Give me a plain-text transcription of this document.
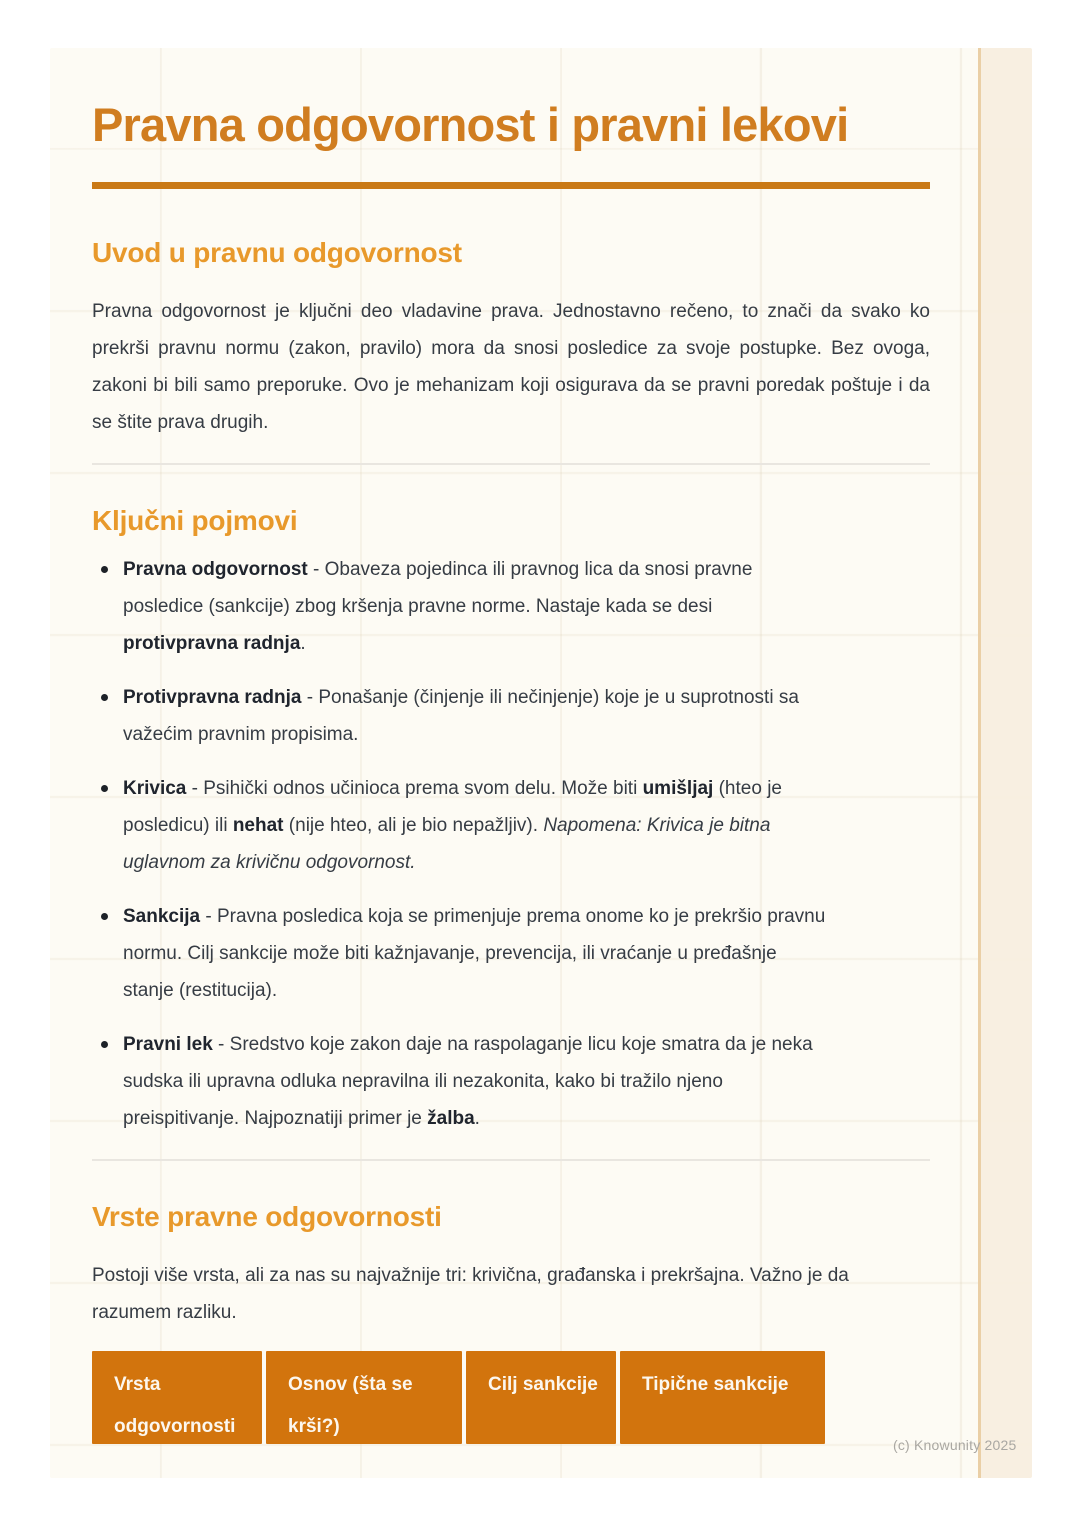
Pravna odgovornost i pravni lekovi
Uvod u pravnu odgovornost

Pravna odgovornost je ključni deo vladavine prava. Jednostavno rečeno, to znači da svako ko prekrši pravnu normu (zakon, pravilo) mora da snosi posledice za svoje postupke. Bez ovoga, zakoni bi bili samo preporuke. Ovo je mehanizam koji osigurava da se pravni poredak poštuje i da se štite prava drugih.

Ključni pojmovi
Pravna odgovornost - Obaveza pojedinca ili pravnog lica da snosi pravne posledice (sankcije) zbog kršenja pravne norme. Nastaje kada se desi protivpravna radnja.
Protivpravna radnja - Ponašanje (činjenje ili nečinjenje) koje je u suprotnosti sa važećim pravnim propisima.
Krivica - Psihički odnos učinioca prema svom delu. Može biti umišljaj (hteo je posledicu) ili nehat (nije hteo, ali je bio nepažljiv). Napomena: Krivica je bitna uglavnom za krivičnu odgovornost.
Sankcija - Pravna posledica koja se primenjuje prema onome ko je prekršio pravnu normu. Cilj sankcije može biti kažnjavanje, prevencija, ili vraćanje u pređašnje stanje (restitucija).
Pravni lek - Sredstvo koje zakon daje na raspolaganje licu koje smatra da je neka sudska ili upravna odluka nepravilna ili nezakonita, kako bi tražilo njeno preispitivanje. Najpoznatiji primer je žalba.
Vrste pravne odgovornosti

Postoji više vrsta, ali za nas su najvažnije tri: krivična, građanska i prekršajna. Važno je da razumem razliku.

Vrsta odgovornosti
Osnov (šta se krši?)
Cilj sankcije	Tipične sankcije
(c) Knowunity 2025
